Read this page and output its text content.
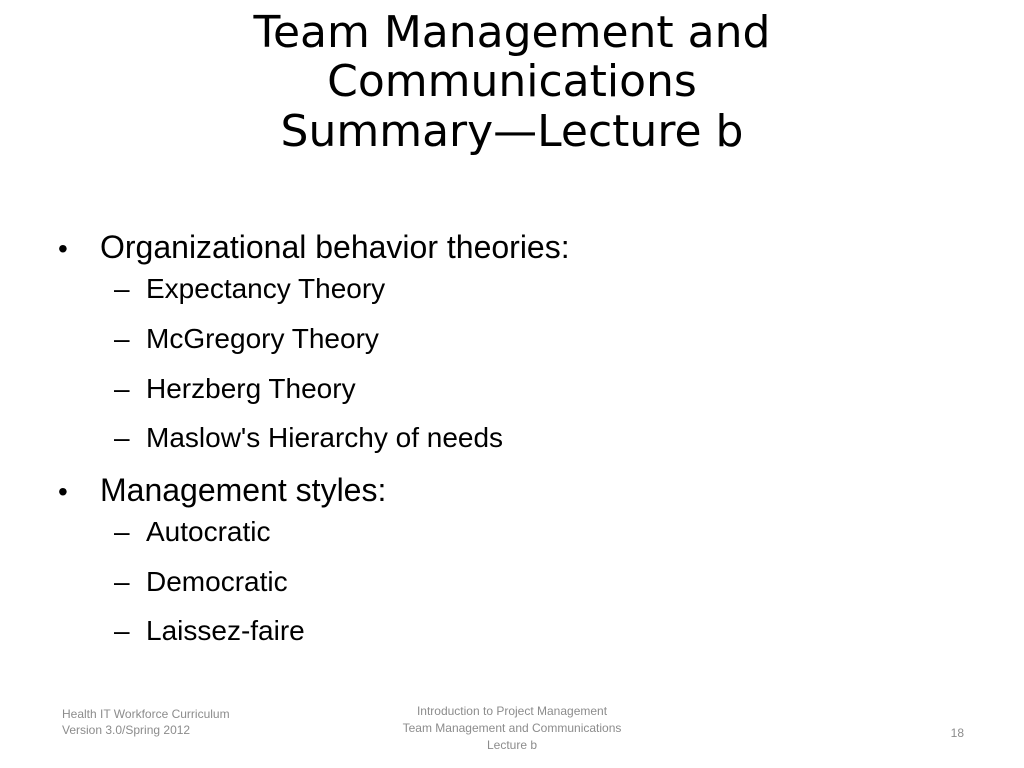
Team Management and
Communications
Summary—Lecture b
•	Organizational behavior theories:
– Expectancy Theory
– McGregory Theory
– Herzberg Theory
– Maslow's Hierarchy of needs
•	Management styles:
– Autocratic
– Democratic
– Laissez-faire
Health IT Workforce Curriculum
Version 3.0/Spring 2012
Introduction to Project Management
Team Management and Communications
Lecture b
18
